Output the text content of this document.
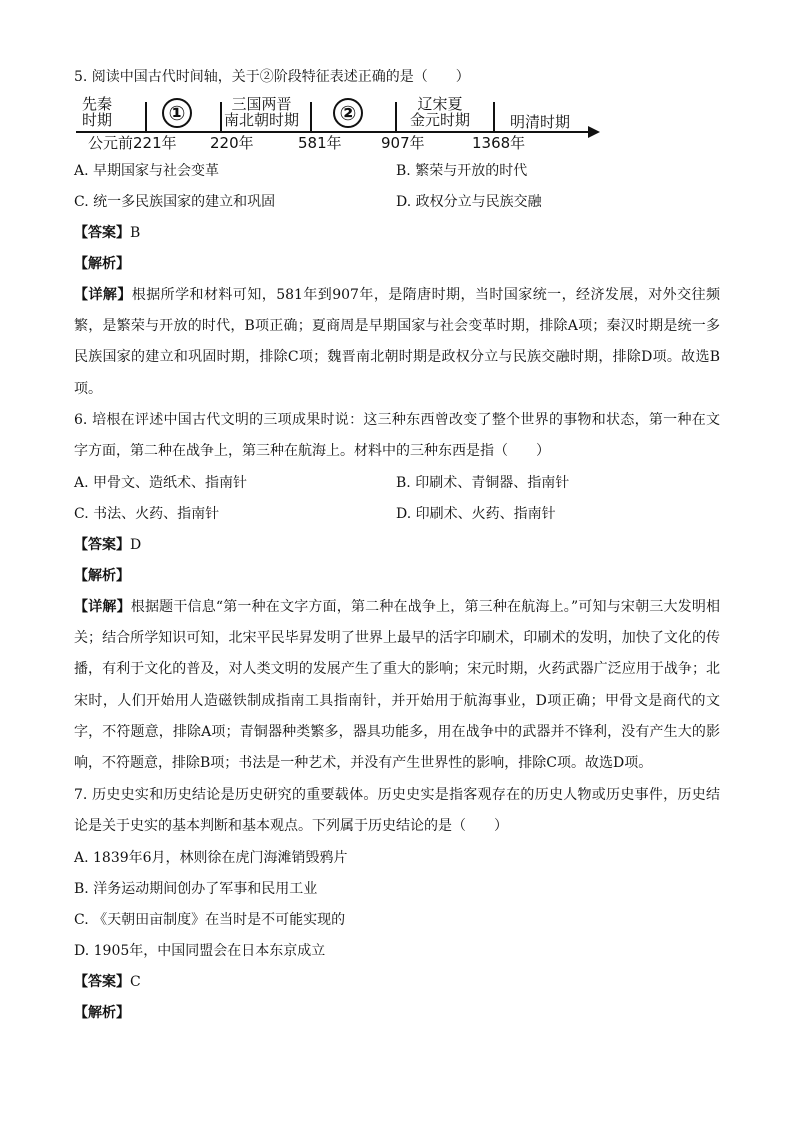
5. 阅读中国古代时间轴，关于②阶段特征表述正确的是（　　）
先秦
时期	①	三国两晋
南北朝时期	②	辽宋夏
金元时期	明清时期
公元前221年 220年	581年	907年	1368年
A. 早期国家与社会变革	B. 繁荣与开放的时代
C. 统一多民族国家的建立和巩固	D. 政权分立与民族交融
【答案】B
【解析】
【详解】根据所学和材料可知，581年到907年，是隋唐时期，当时国家统一，经济发展，对外交往频繁，是繁荣与开放的时代，B项正确；夏商周是早期国家与社会变革时期，排除A项；秦汉时期是统一多民族国家的建立和巩固时期，排除C项；魏晋南北朝时期是政权分立与民族交融时期，排除D项。故选B项。
6. 培根在评述中国古代文明的三项成果时说：这三种东西曾改变了整个世界的事物和状态，第一种在文字方面，第二种在战争上，第三种在航海上。材料中的三种东西是指（　　）
A. 甲骨文、造纸术、指南针	B. 印刷术、青铜器、指南针
C. 书法、火药、指南针	D. 印刷术、火药、指南针
【答案】D
【解析】
【详解】根据题干信息“第一种在文字方面，第二种在战争上，第三种在航海上。”可知与宋朝三大发明相关；结合所学知识可知，北宋平民毕昇发明了世界上最早的活字印刷术，印刷术的发明，加快了文化的传播，有利于文化的普及，对人类文明的发展产生了重大的影响；宋元时期，火药武器广泛应用于战争；北宋时，人们开始用人造磁铁制成指南工具指南针，并开始用于航海事业，D项正确；甲骨文是商代的文字，不符题意，排除A项；青铜器种类繁多，器具功能多，用在战争中的武器并不锋利，没有产生大的影响，不符题意，排除B项；书法是一种艺术，并没有产生世界性的影响，排除C项。故选D项。
7. 历史史实和历史结论是历史研究的重要载体。历史史实是指客观存在的历史人物或历史事件，历史结论是关于史实的基本判断和基本观点。下列属于历史结论的是（　　）
A. 1839年6月，林则徐在虎门海滩销毁鸦片
B. 洋务运动期间创办了军事和民用工业
C. 《天朝田亩制度》在当时是不可能实现的
D. 1905年，中国同盟会在日本东京成立
【答案】C
【解析】
